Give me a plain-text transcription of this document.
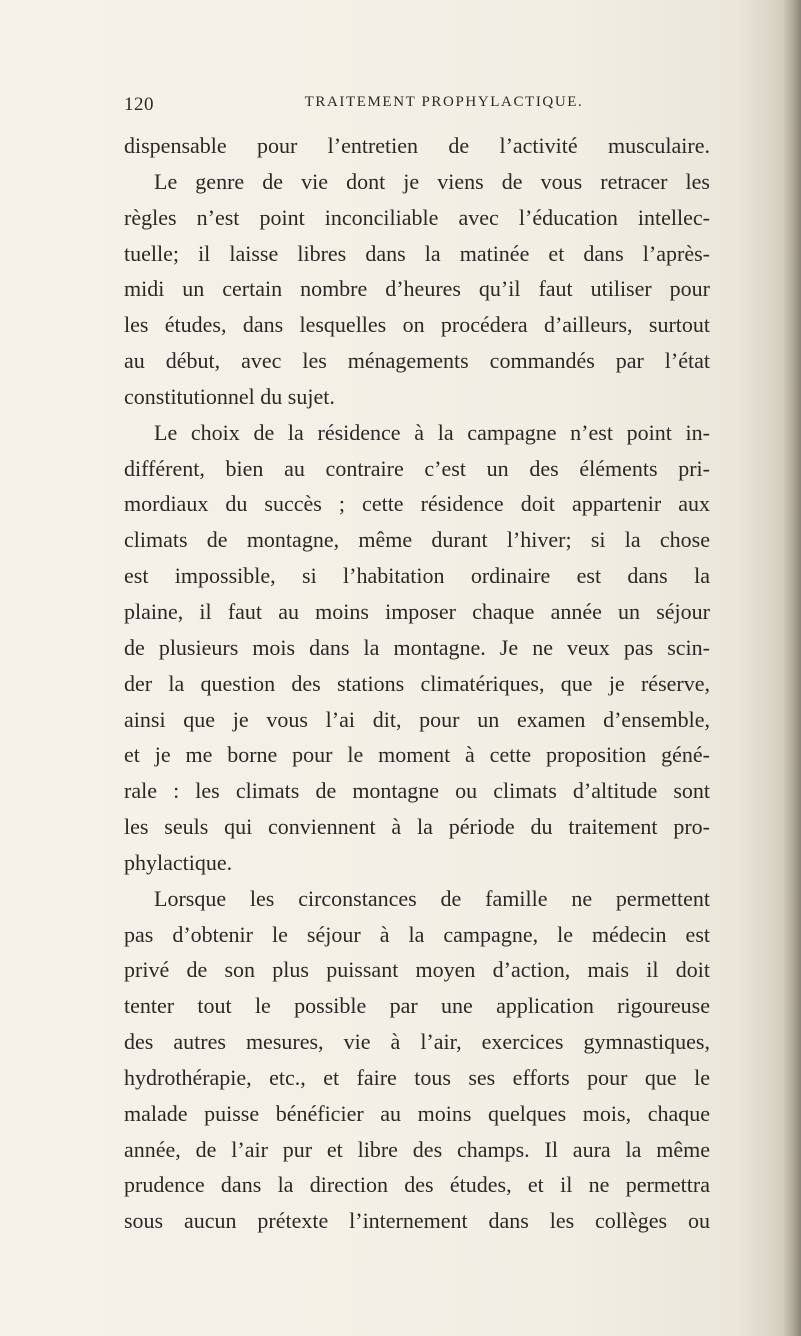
120	TRAITEMENT PROPHYLACTIQUE.
dispensable pour l’entretien de l’activité musculaire.
Le genre de vie dont je viens de vous retracer les
règles n’est point inconciliable avec l’éducation intellec-
tuelle; il laisse libres dans la matinée et dans l’après-
midi un certain nombre d’heures qu’il faut utiliser pour
les études, dans lesquelles on procédera d’ailleurs, surtout
au début, avec les ménagements commandés par l’état
constitutionnel du sujet.
Le choix de la résidence à la campagne n’est point in-
différent, bien au contraire c’est un des éléments pri-
mordiaux du succès ; cette résidence doit appartenir aux
climats de montagne, même durant l’hiver; si la chose
est impossible, si l’habitation ordinaire est dans la
plaine, il faut au moins imposer chaque année un séjour
de plusieurs mois dans la montagne. Je ne veux pas scin-
der la question des stations climatériques, que je réserve,
ainsi que je vous l’ai dit, pour un examen d’ensemble,
et je me borne pour le moment à cette proposition géné-
rale : les climats de montagne ou climats d’altitude sont
les seuls qui conviennent à la période du traitement pro-
phylactique.
Lorsque les circonstances de famille ne permettent
pas d’obtenir le séjour à la campagne, le médecin est
privé de son plus puissant moyen d’action, mais il doit
tenter tout le possible par une application rigoureuse
des autres mesures, vie à l’air, exercices gymnastiques,
hydrothérapie, etc., et faire tous ses efforts pour que le
malade puisse bénéficier au moins quelques mois, chaque
année, de l’air pur et libre des champs. Il aura la même
prudence dans la direction des études, et il ne permettra
sous aucun prétexte l’internement dans les collèges ou
